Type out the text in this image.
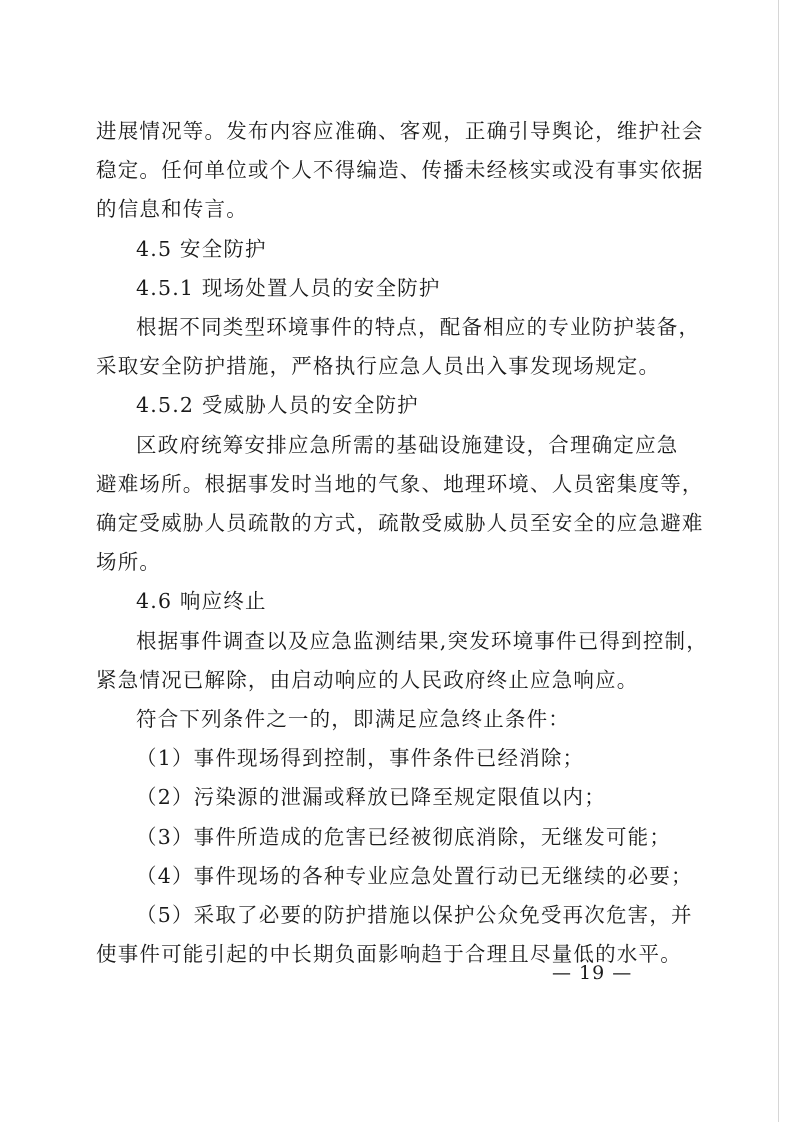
进展情况等。发布内容应准确、客观，正确引导舆论，维护社会

稳定。任何单位或个人不得编造、传播未经核实或没有事实依据

的信息和传言。

4.5 安全防护

4.5.1 现场处置人员的安全防护

根据不同类型环境事件的特点，配备相应的专业防护装备，

采取安全防护措施，严格执行应急人员出入事发现场规定。

4.5.2 受威胁人员的安全防护

区政府统筹安排应急所需的基础设施建设，合理确定应急

避难场所。根据事发时当地的气象、地理环境、人员密集度等，

确定受威胁人员疏散的方式，疏散受威胁人员至安全的应急避难

场所。

4.6 响应终止

根据事件调查以及应急监测结果,突发环境事件已得到控制，

紧急情况已解除，由启动响应的人民政府终止应急响应。

符合下列条件之一的，即满足应急终止条件：

（1）事件现场得到控制，事件条件已经消除；

（2）污染源的泄漏或释放已降至规定限值以内；

（3）事件所造成的危害已经被彻底消除，无继发可能；

（4）事件现场的各种专业应急处置行动已无继续的必要；

（5）采取了必要的防护措施以保护公众免受再次危害，并

使事件可能引起的中长期负面影响趋于合理且尽量低的水平。

— 19 —
